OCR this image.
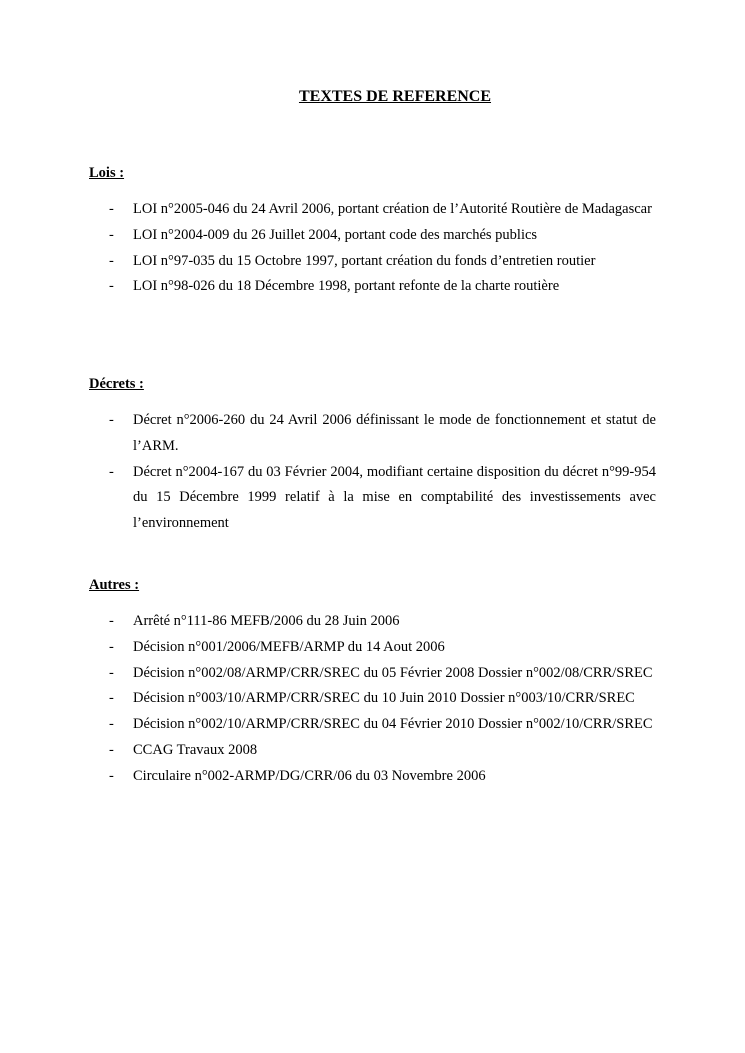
TEXTES DE REFERENCE

Lois :

- LOI n°2005-046 du 24 Avril 2006, portant création de l’Autorité Routière de Madagascar
- LOI n°2004-009 du 26 Juillet 2004, portant code des marchés publics
- LOI n°97-035 du 15 Octobre 1997, portant création du fonds d’entretien routier
- LOI n°98-026 du 18 Décembre 1998, portant refonte de la charte routière

Décrets :

- Décret n°2006-260 du 24 Avril 2006 définissant le mode de fonctionnement et statut de l’ARM.
- Décret n°2004-167 du 03 Février 2004, modifiant certaine disposition du décret n°99-954 du 15 Décembre 1999 relatif à la mise en comptabilité des investissements avec l’environnement

Autres :

- Arrêté n°111-86 MEFB/2006 du 28 Juin 2006
- Décision n°001/2006/MEFB/ARMP du 14 Aout 2006
- Décision n°002/08/ARMP/CRR/SREC du 05 Février 2008 Dossier n°002/08/CRR/SREC
- Décision n°003/10/ARMP/CRR/SREC du 10 Juin 2010 Dossier n°003/10/CRR/SREC
- Décision n°002/10/ARMP/CRR/SREC du 04 Février 2010 Dossier n°002/10/CRR/SREC
- CCAG Travaux 2008
- Circulaire n°002-ARMP/DG/CRR/06 du 03 Novembre 2006
